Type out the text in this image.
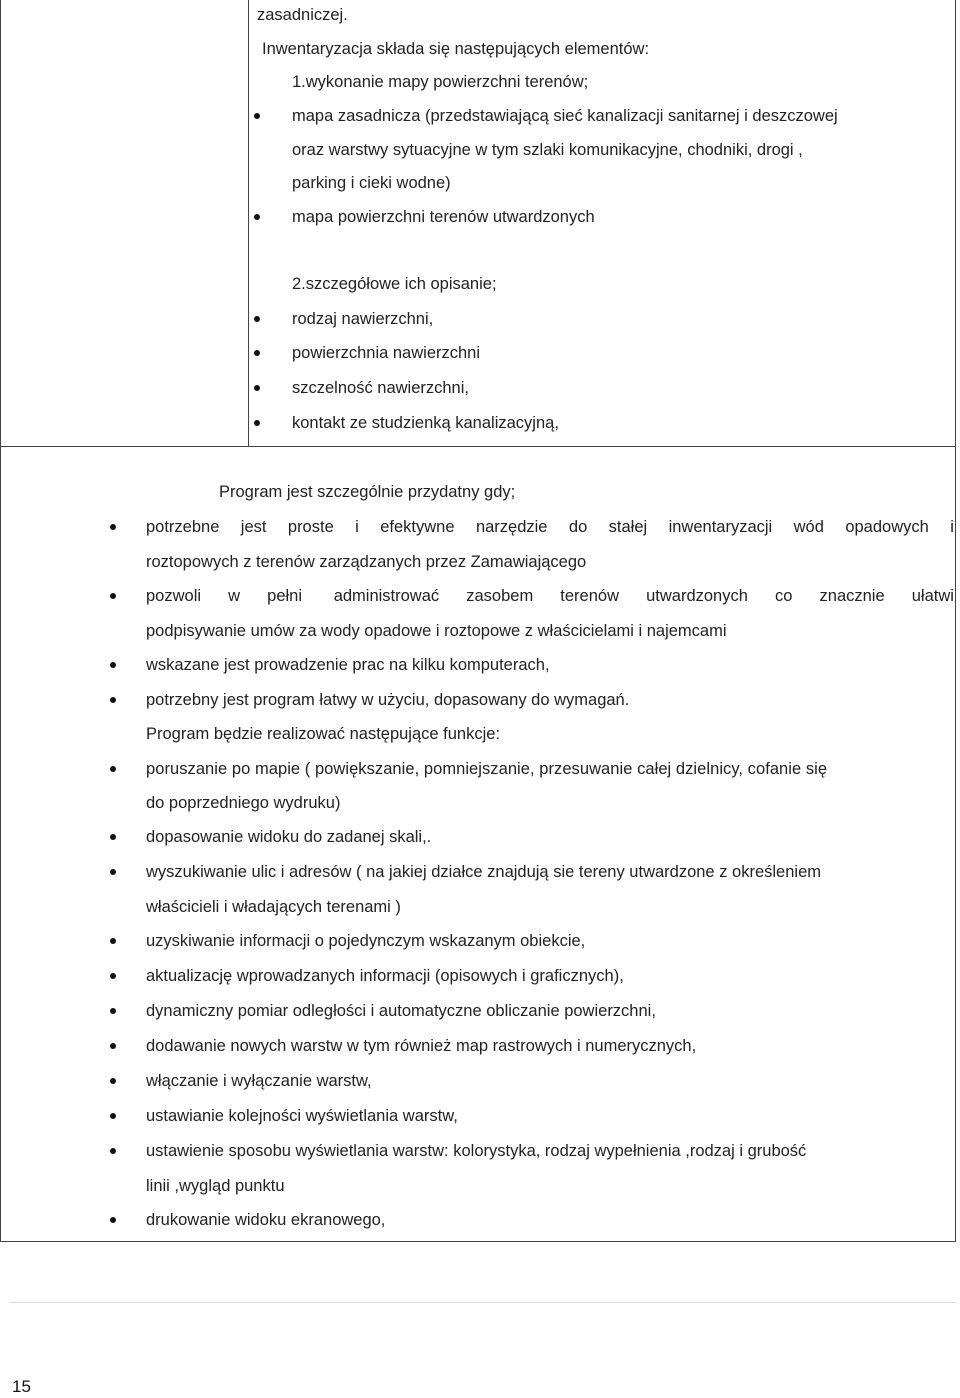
zasadniczej.
Inwentaryzacja składa się następujących elementów:
1.wykonanie mapy powierzchni terenów;
mapa zasadnicza (przedstawiającą sieć kanalizacji sanitarnej i deszczowej
oraz warstwy sytuacyjne w tym szlaki komunikacyjne, chodniki, drogi ,
parking i cieki wodne)
mapa powierzchni terenów utwardzonych
2.szczegółowe ich opisanie;
rodzaj nawierzchni,
powierzchnia nawierzchni
szczelność nawierzchni,
kontakt ze studzienką kanalizacyjną,
Program jest szczególnie przydatny gdy;
potrzebne jest proste i efektywne narzędzie do stałej inwentaryzacji wód opadowych i
roztopowych z terenów zarządzanych przez Zamawiającego
pozwoli w pełni administrować zasobem terenów utwardzonych co znacznie ułatwi
podpisywanie umów za wody opadowe i roztopowe z właścicielami i najemcami
wskazane jest prowadzenie prac na kilku komputerach,
potrzebny jest program łatwy w użyciu, dopasowany do wymagań.
Program będzie realizować następujące funkcje:
poruszanie po mapie ( powiększanie, pomniejszanie, przesuwanie całej dzielnicy, cofanie się
do poprzedniego wydruku)
dopasowanie widoku do zadanej skali,.
wyszukiwanie ulic i adresów ( na jakiej działce znajdują sie tereny utwardzone z określeniem
właścicieli i władających terenami )
uzyskiwanie informacji o pojedynczym wskazanym obiekcie,
aktualizację wprowadzanych informacji (opisowych i graficznych),
dynamiczny pomiar odległości i automatyczne obliczanie powierzchni,
dodawanie nowych warstw w tym również map rastrowych i numerycznych,
włączanie i wyłączanie warstw,
ustawianie kolejności wyświetlania warstw,
ustawienie sposobu wyświetlania warstw: kolorystyka, rodzaj wypełnienia ,rodzaj i grubość
linii ,wygląd punktu
drukowanie widoku ekranowego,
15
